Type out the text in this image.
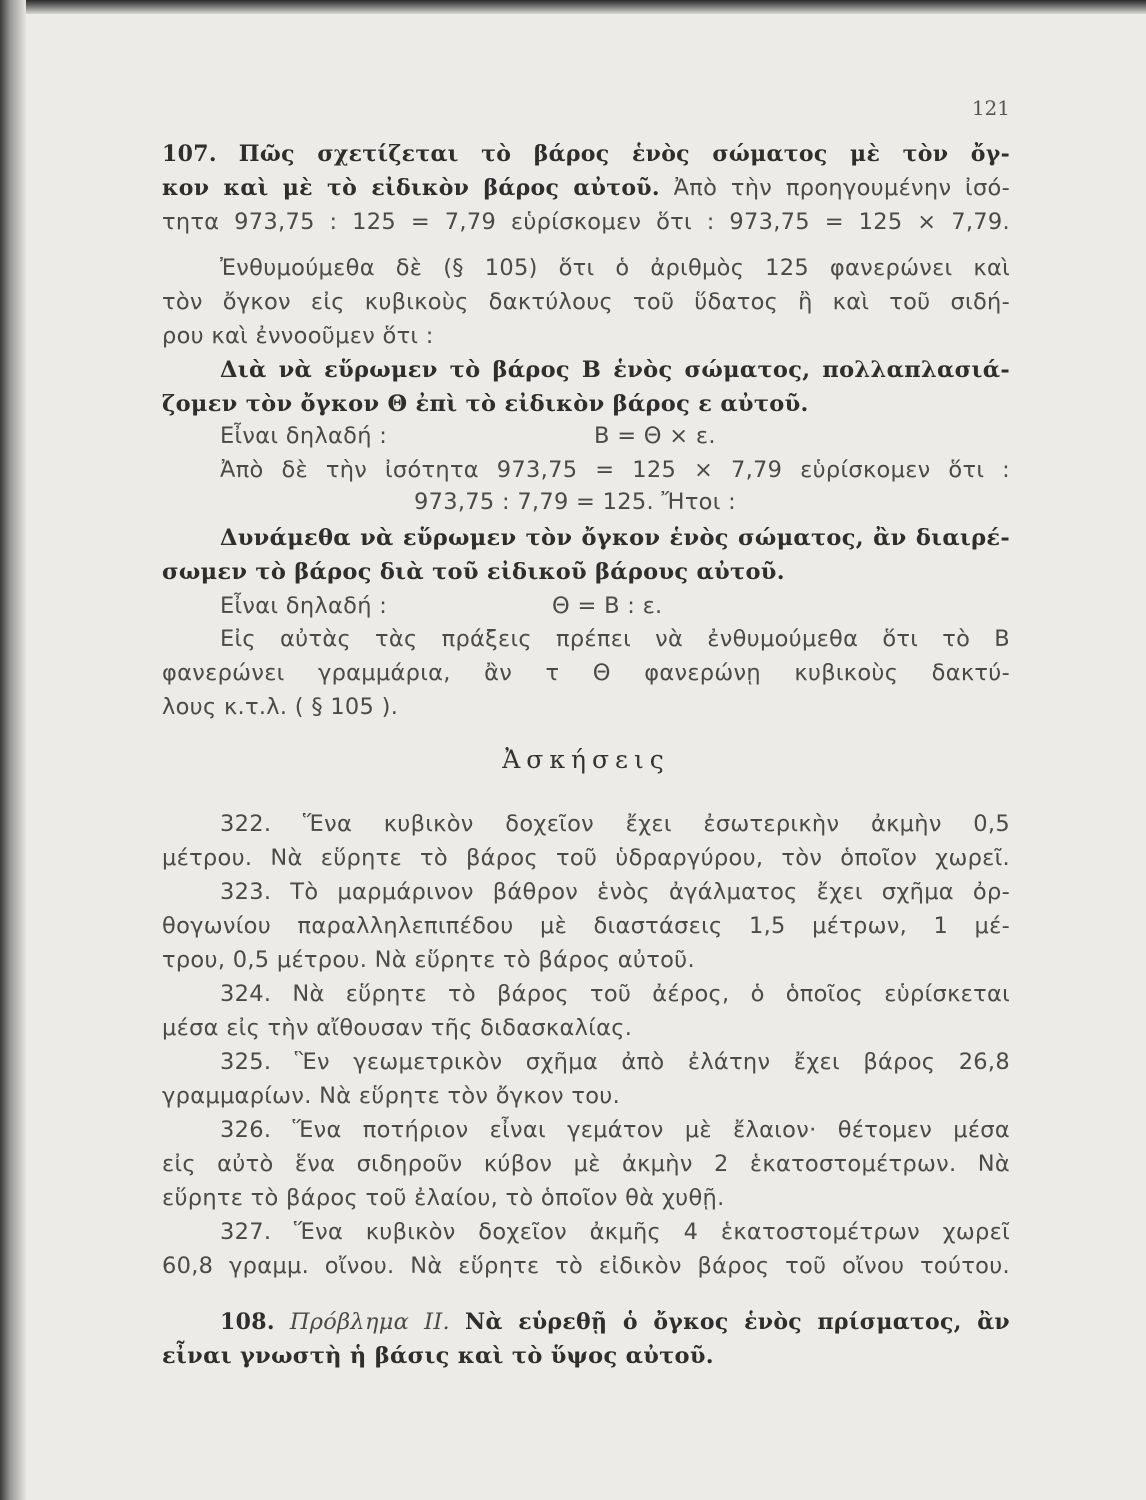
121
107. Πῶς σχετίζεται τὸ βάρος ἑνὸς σώματος μὲ τὸν ὄγ-
κον καὶ μὲ τὸ εἰδικὸν βάρος αὐτοῦ. Ἀπὸ τὴν προηγουμένην ἰσό-
τητα 973,75 : 125 = 7,79 εὑρίσκομεν ὅτι : 973,75 = 125 × 7,79.
Ἐνθυμούμεθα δὲ (§ 105) ὅτι ὁ ἀριθμὸς 125 φανερώνει καὶ
τὸν ὄγκον εἰς κυβικοὺς δακτύλους τοῦ ὕδατος ἢ καὶ τοῦ σιδή-
ρου καὶ ἐννοοῦμεν ὅτι :
Διὰ νὰ εὕρωμεν τὸ βάρος Β ἑνὸς σώματος, πολλαπλασιά-
ζομεν τὸν ὄγκον Θ ἐπὶ τὸ εἰδικὸν βάρος ε αὐτοῦ.
Εἶναι δηλαδή :	Β = Θ × ε.
Ἀπὸ δὲ τὴν ἰσότητα 973,75 = 125 × 7,79 εὑρίσκομεν ὅτι :
973,75 : 7,79 = 125. Ἤτοι :
Δυνάμεθα νὰ εὕρωμεν τὸν ὄγκον ἑνὸς σώματος, ἂν διαιρέ-
σωμεν τὸ βάρος διὰ τοῦ εἰδικοῦ βάρους αὐτοῦ.
Εἶναι δηλαδή :	Θ = Β : ε.
Εἰς αὐτὰς τὰς πράξεις πρέπει νὰ ἐνθυμούμεθα ὅτι τὸ Β
φανερώνει γραμμάρια, ἂν τ Θ φανερώνῃ κυβικοὺς δακτύ-
λους κ.τ.λ. ( § 105 ).
Ἀσκήσεις
322. Ἕνα κυβικὸν δοχεῖον ἔχει ἐσωτερικὴν ἀκμὴν 0,5
μέτρου. Νὰ εὕρητε τὸ βάρος τοῦ ὑδραργύρου, τὸν ὁποῖον χωρεῖ.
323. Τὸ μαρμάρινον βάθρον ἑνὸς ἀγάλματος ἔχει σχῆμα ὀρ-
θογωνίου παραλληλεπιπέδου μὲ διαστάσεις 1,5 μέτρων, 1 μέ-
τρου, 0,5 μέτρου. Νὰ εὕρητε τὸ βάρος αὐτοῦ.
324. Νὰ εὕρητε τὸ βάρος τοῦ ἀέρος, ὁ ὁποῖος εὑρίσκεται
μέσα εἰς τὴν αἴθουσαν τῆς διδασκαλίας.
325. Ἓν γεωμετρικὸν σχῆμα ἀπὸ ἐλάτην ἔχει βάρος 26,8
γραμμαρίων. Νὰ εὕρητε τὸν ὄγκον του.
326. Ἕνα ποτήριον εἶναι γεμάτον μὲ ἔλαιον· θέτομεν μέσα
εἰς αὐτὸ ἕνα σιδηροῦν κύβον μὲ ἀκμὴν 2 ἑκατοστομέτρων. Νὰ
εὕρητε τὸ βάρος τοῦ ἐλαίου, τὸ ὁποῖον θὰ χυθῇ.
327. Ἕνα κυβικὸν δοχεῖον ἀκμῆς 4 ἑκατοστομέτρων χωρεῖ
60,8 γραμμ. οἴνου. Νὰ εὕρητε τὸ εἰδικὸν βάρος τοῦ οἴνου τούτου.
108. Πρόβλημα ΙΙ. Νὰ εὑρεθῇ ὁ ὄγκος ἑνὸς πρίσματος, ἂν
εἶναι γνωστὴ ἡ βάσις καὶ τὸ ὕψος αὐτοῦ.
